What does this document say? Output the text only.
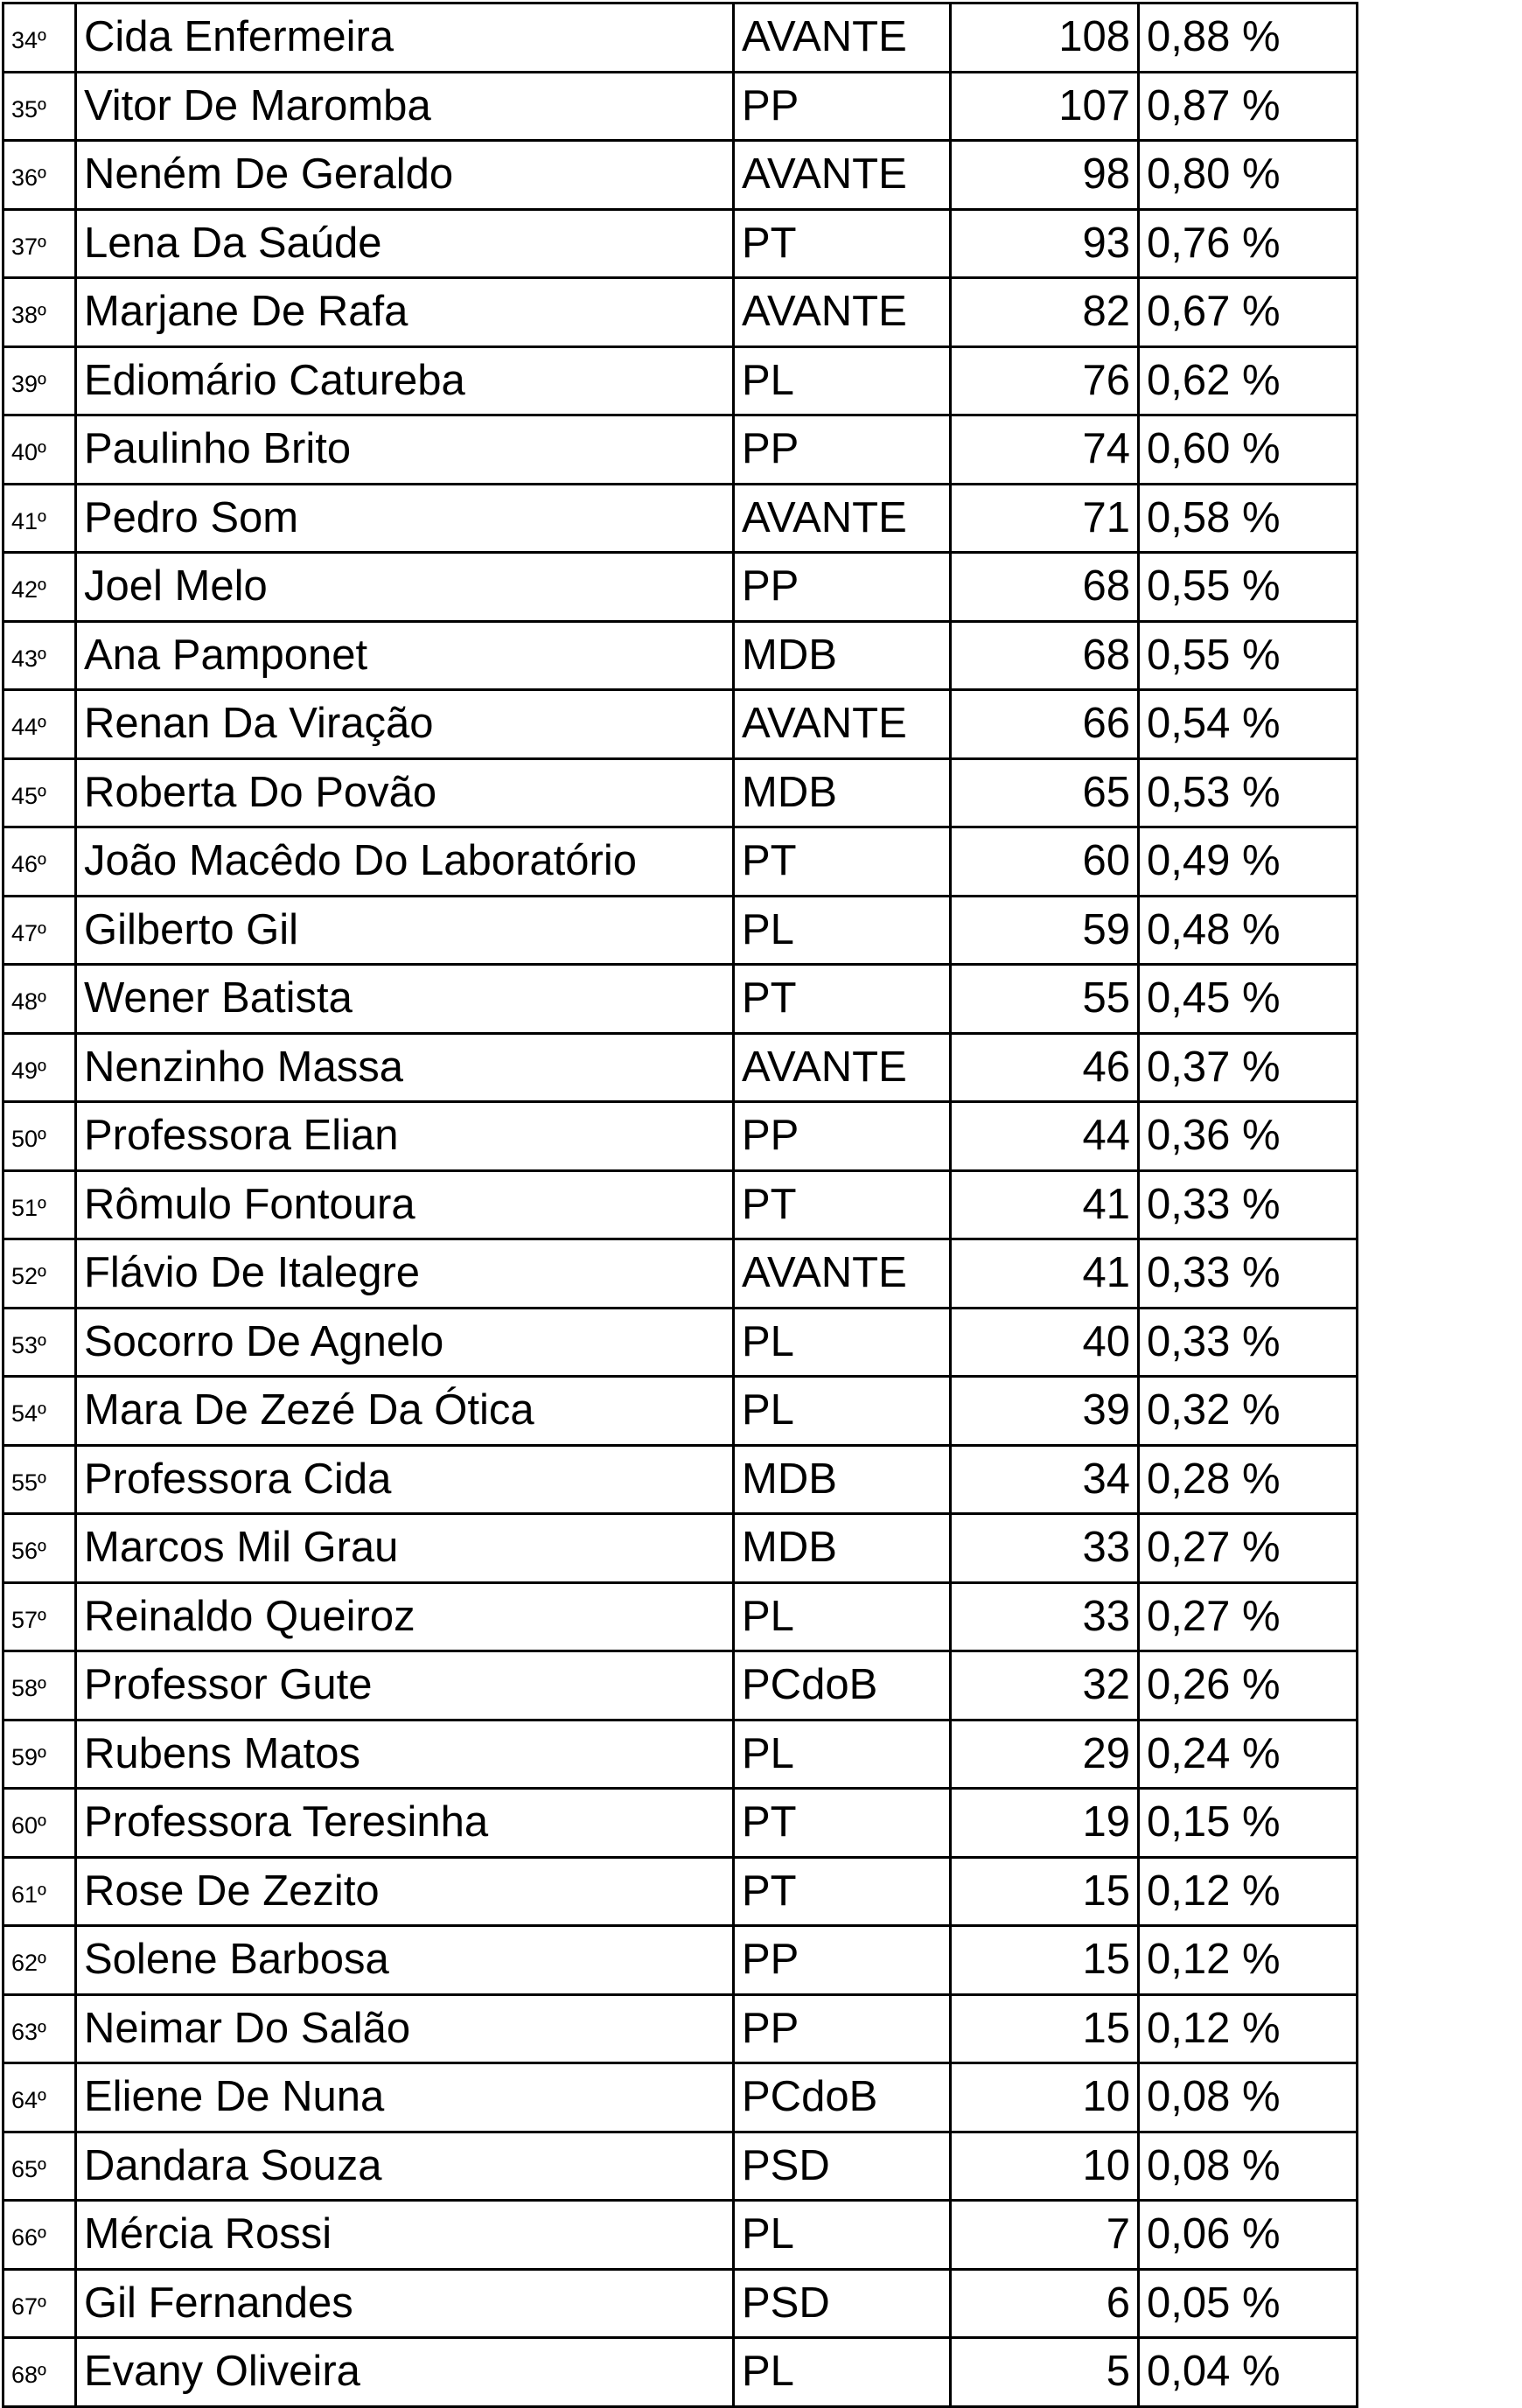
34º	Cida Enfermeira	AVANTE	108	0,88 %
35º	Vitor De Maromba	PP	107	0,87 %
36º	Neném De Geraldo	AVANTE	98	0,80 %
37º	Lena Da Saúde	PT	93	0,76 %
38º	Marjane De Rafa	AVANTE	82	0,67 %
39º	Ediomário Catureba	PL	76	0,62 %
40º	Paulinho Brito	PP	74	0,60 %
41º	Pedro Som	AVANTE	71	0,58 %
42º	Joel Melo	PP	68	0,55 %
43º	Ana Pamponet	MDB	68	0,55 %
44º	Renan Da Viração	AVANTE	66	0,54 %
45º	Roberta Do Povão	MDB	65	0,53 %
46º	João Macêdo Do Laboratório	PT	60	0,49 %
47º	Gilberto Gil	PL	59	0,48 %
48º	Wener Batista	PT	55	0,45 %
49º	Nenzinho Massa	AVANTE	46	0,37 %
50º	Professora Elian	PP	44	0,36 %
51º	Rômulo Fontoura	PT	41	0,33 %
52º	Flávio De Italegre	AVANTE	41	0,33 %
53º	Socorro De Agnelo	PL	40	0,33 %
54º	Mara De Zezé Da Ótica	PL	39	0,32 %
55º	Professora Cida	MDB	34	0,28 %
56º	Marcos Mil Grau	MDB	33	0,27 %
57º	Reinaldo Queiroz	PL	33	0,27 %
58º	Professor Gute	PCdoB	32	0,26 %
59º	Rubens Matos	PL	29	0,24 %
60º	Professora Teresinha	PT	19	0,15 %
61º	Rose De Zezito	PT	15	0,12 %
62º	Solene Barbosa	PP	15	0,12 %
63º	Neimar Do Salão	PP	15	0,12 %
64º	Eliene De Nuna	PCdoB	10	0,08 %
65º	Dandara Souza	PSD	10	0,08 %
66º	Mércia Rossi	PL	7	0,06 %
67º	Gil Fernandes	PSD	6	0,05 %
68º	Evany Oliveira	PL	5	0,04 %
